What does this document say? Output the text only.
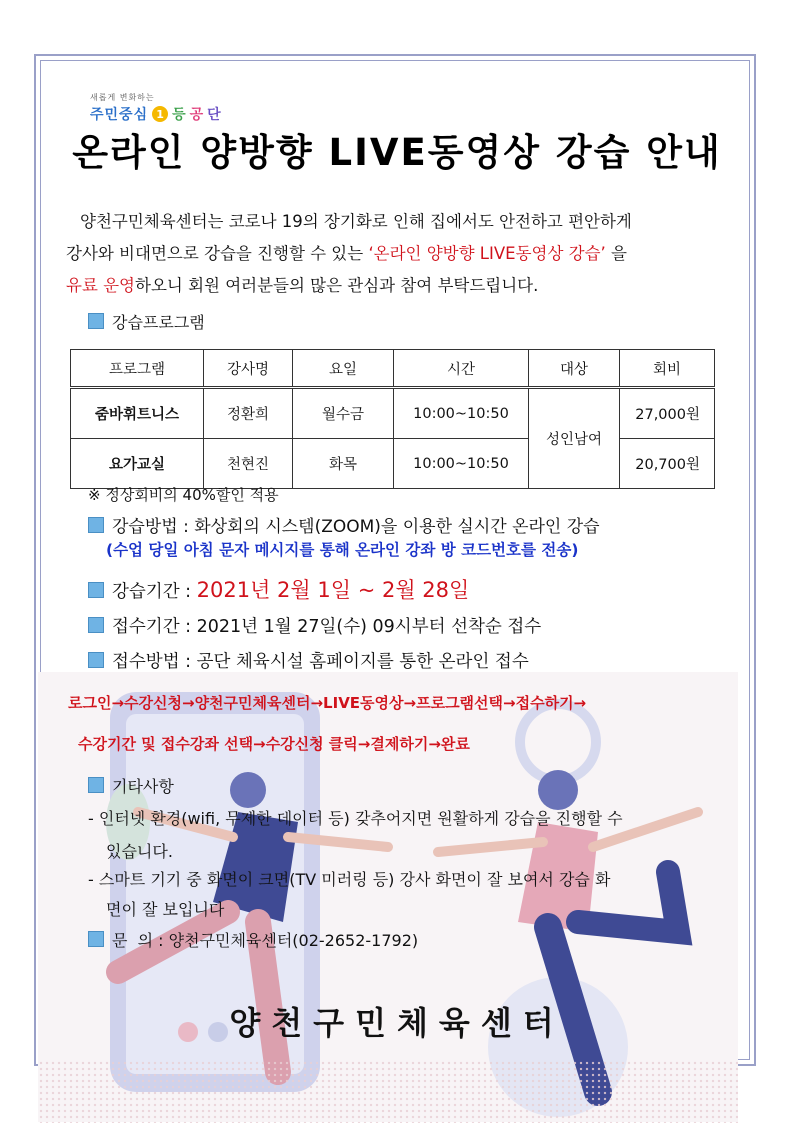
새롭게 변화하는
주민중심 1 등 공 단
온라인 양방향 LIVE동영상 강습 안내

양천구민체육센터는 코로나 19의 장기화로 인해 집에서도 안전하고 편안하게

강사와 비대면으로 강습을 진행할 수 있는 ‘온라인 양방향 LIVE동영상 강습’ 을

유료 운영하오니 회원 여러분들의 많은 관심과 참여 부탁드립니다.

강습프로그램
프로그램	강사명	요일	시간	대상	회비
줌바휘트니스	정환희	월수금	10:00~10:50	성인남여	27,000원
요가교실	천현진	화목	10:00~10:50		20,700원
※ 정상회비의 40%할인 적용
강습방법 : 화상회의 시스템(ZOOM)을 이용한 실시간 온라인 강습
(수업 당일 아침 문자 메시지를 통해 온라인 강좌 방 코드번호를 전송)
강습기간 : 2021년 2월 1일 ~ 2월 28일
접수기간 : 2021년 1월 27일(수) 09시부터 선착순 접수
접수방법 : 공단 체육시설 홈페이지를 통한 온라인 접수
로그인→수강신청→양천구민체육센터→LIVE동영상→프로그램선택→접수하기→
수강기간 및 접수강좌 선택→수강신청 클릭→결제하기→완료
기타사항
- 인터넷 환경(wifi, 무제한 데이터 등) 갖추어지면 원활하게 강습을 진행할 수
있습니다.
- 스마트 기기 중 화면이 크면(TV 미러링 등) 강사 화면이 잘 보여서 강습 화
면이 잘 보입니다
문  의 : 양천구민체육센터(02-2652-1792)
양천구민체육센터
